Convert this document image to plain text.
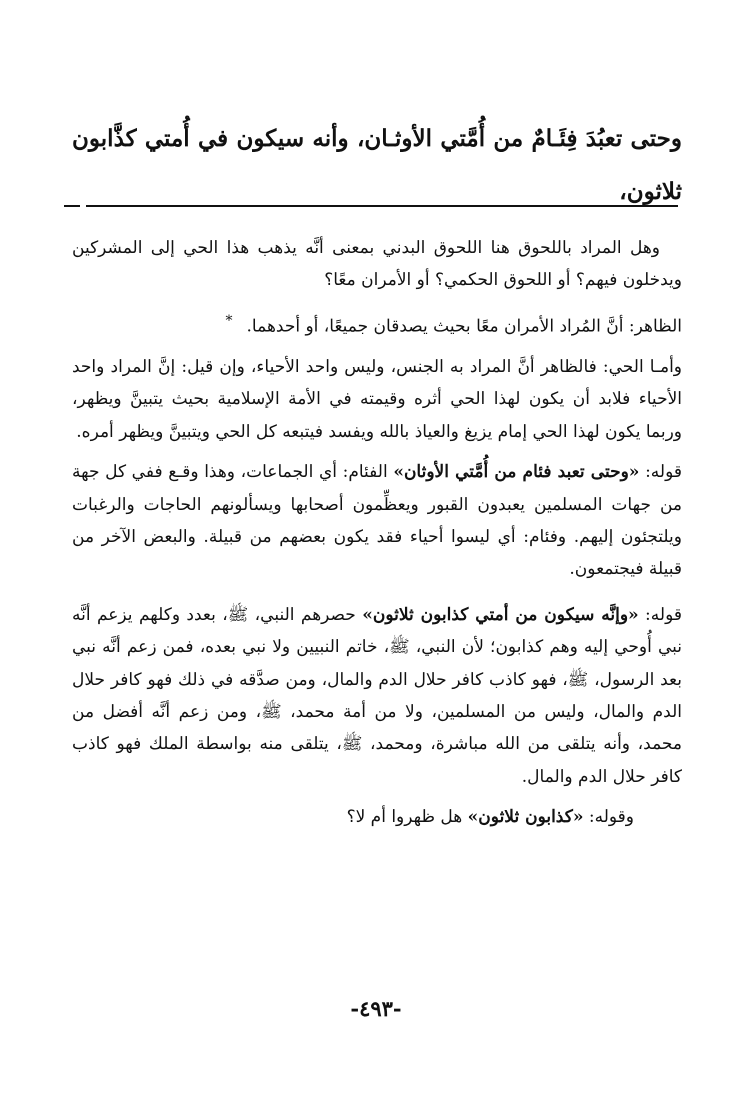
وحتى تعبُدَ فِئَـامٌ من أُمَّتي الأوثـان، وأنه سيكون في أُمتي كذَّابون ثلاثون،

وهل المراد باللحوق هنا اللحوق البدني بمعنى أنَّه يذهب هذا الحي إلى المشركين ويدخلون فيهم؟ أو اللحوق الحكمي؟ أو الأمران معًا؟

الظاهر: أنَّ المُراد الأمران معًا بحيث يصدقان جميعًا، أو أحدهما.*

وأمـا الحي: فالظاهر أنَّ المراد به الجنس، وليس واحد الأحياء، وإن قيل: إنَّ المراد واحد الأحياء فلابد أن يكون لهذا الحي أثره وقيمته في الأمة الإسلامية بحيث يتبينَّ ويظهر، وربما يكون لهذا الحي إمام يزيغ والعياذ بالله ويفسد فيتبعه كل الحي ويتبينَّ ويظهر أمره.

قوله: «وحتى تعبد فئام من أُمَّتي الأوثان» الفئام: أي الجماعات، وهذا وقـع ففي كل جهة من جهات المسلمين يعبدون القبور ويعظِّمون أصحابها ويسألونهم الحاجات والرغبات ويلتجئون إليهم. وفئام: أي ليسوا أحياء فقد يكون بعضهم من قبيلة. والبعض الآخر من قبيلة فيجتمعون.

قوله: «وإنَّه سيكون من أمتي كذابون ثلاثون» حصرهم النبي، ﷺ، بعدد وكلهم يزعم أنَّه نبي أُوحي إليه وهم كذابون؛ لأن النبي، ﷺ، خاتم النبيين ولا نبي بعده، فمن زعم أنَّه نبي بعد الرسول، ﷺ، فهو كاذب كافر حلال الدم والمال، ومن صدَّقه في ذلك فهو كافر حلال الدم والمال، وليس من المسلمين، ولا من أمة محمد، ﷺ، ومن زعم أنَّه أفضل من محمد، وأنه يتلقى من الله مباشرة، ومحمد، ﷺ، يتلقى منه بواسطة الملك فهو كاذب كافر حلال الدم والمال.

وقوله: «كذابون ثلاثون» هل ظهروا أم لا؟

-٤٩٣-
